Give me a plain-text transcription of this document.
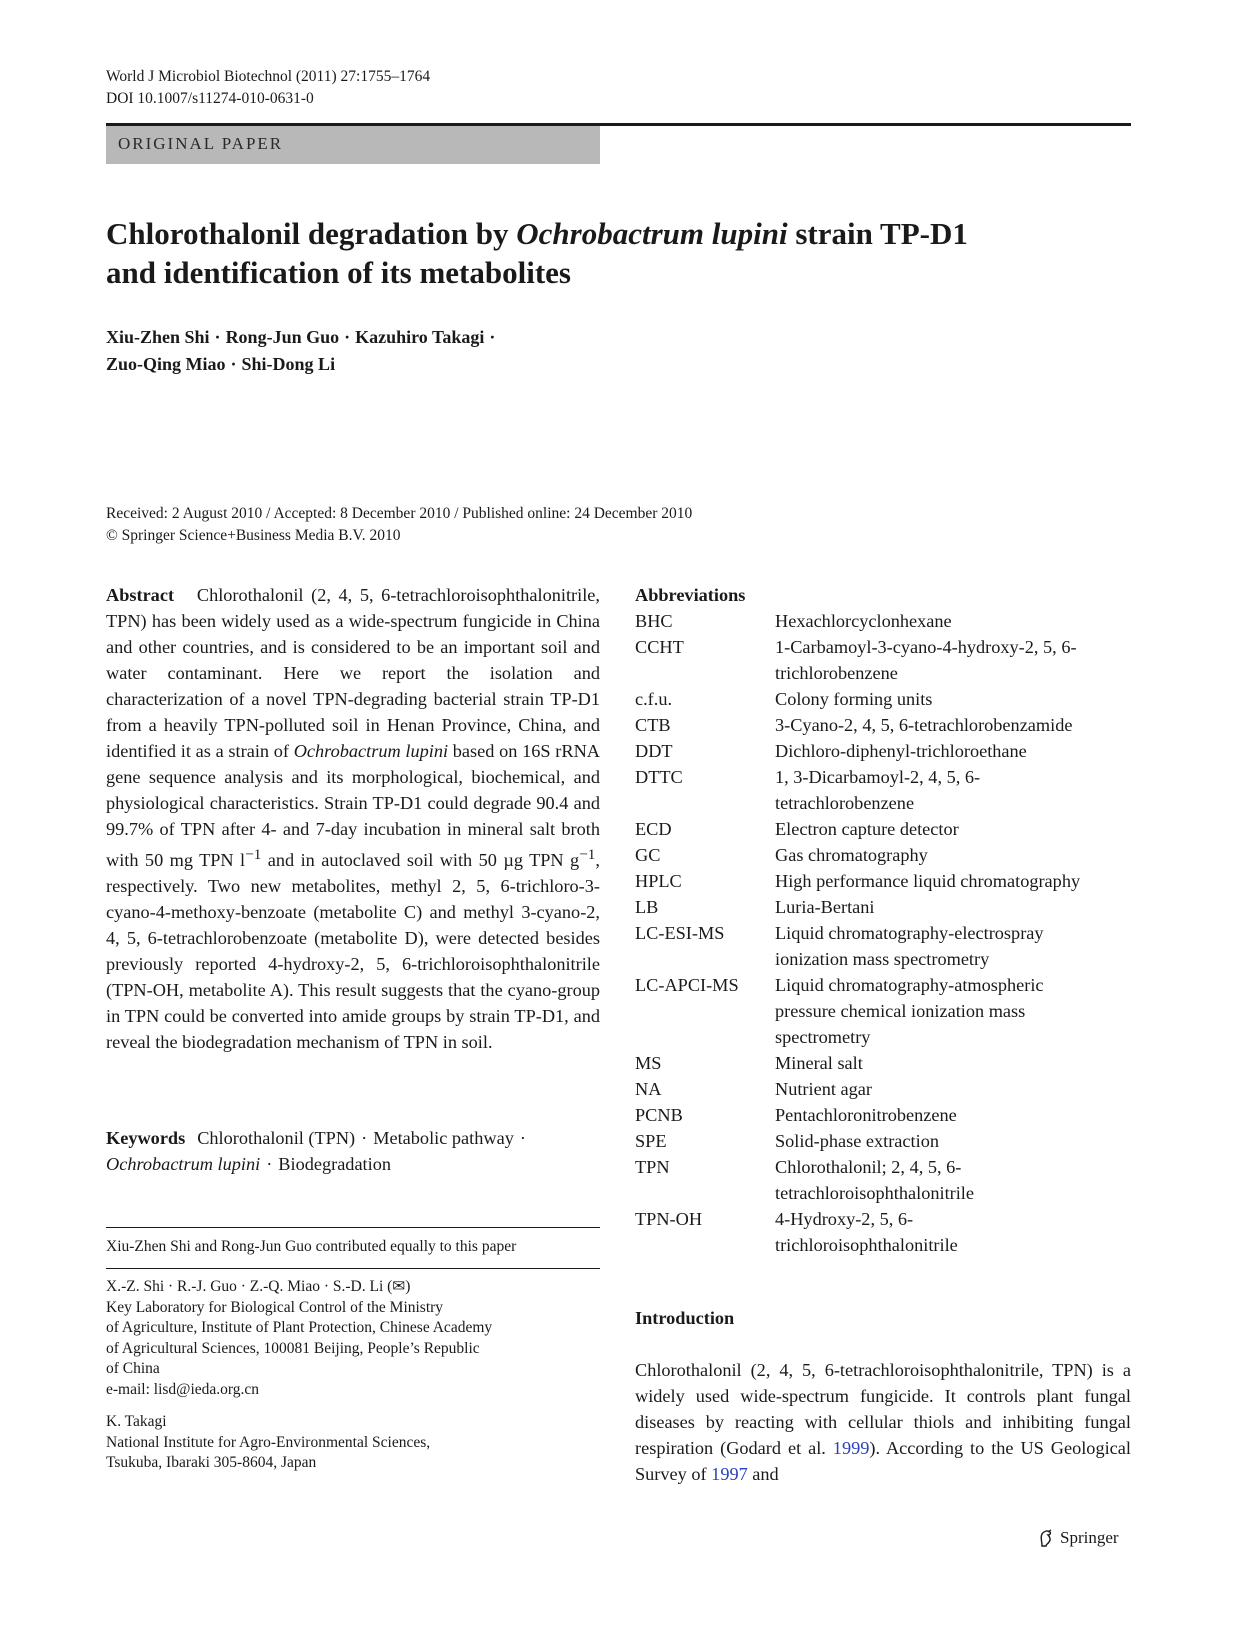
World J Microbiol Biotechnol (2011) 27:1755–1764
DOI 10.1007/s11274-010-0631-0
ORIGINAL PAPER
Chlorothalonil degradation by Ochrobactrum lupini strain TP-D1
and identification of its metabolites
Xiu-Zhen Shi · Rong-Jun Guo · Kazuhiro Takagi ·
Zuo-Qing Miao · Shi-Dong Li
Received: 2 August 2010 / Accepted: 8 December 2010 / Published online: 24 December 2010
© Springer Science+Business Media B.V. 2010

Abstract Chlorothalonil (2, 4, 5, 6-tetrachloroisophthalonitrile, TPN) has been widely used as a wide-spectrum fungicide in China and other countries, and is considered to be an important soil and water contaminant. Here we report the isolation and characterization of a novel TPN-degrading bacterial strain TP-D1 from a heavily TPN-polluted soil in Henan Province, China, and identified it as a strain of Ochrobactrum lupini based on 16S rRNA gene sequence analysis and its morphological, biochemical, and physiological characteristics. Strain TP-D1 could degrade 90.4 and 99.7% of TPN after 4- and 7-day incubation in mineral salt broth with 50 mg TPN $l^{-1}$ and in autoclaved soil with 50 µg TPN $g^{-1}$, respectively. Two new metabolites, methyl 2, 5, 6-trichloro-3-cyano-4-methoxy-benzoate (metabolite C) and methyl 3-cyano-2, 4, 5, 6-tetrachlorobenzoate (metabolite D), were detected besides previously reported 4-hydroxy-2, 5, 6-trichloroisophthalonitrile (TPN-OH, metabolite A). This result suggests that the cyano-group in TPN could be converted into amide groups by strain TP-D1, and reveal the biodegradation mechanism of TPN in soil.

Keywords Chlorothalonil (TPN) · Metabolic pathway ·
Ochrobactrum lupini · Biodegradation
Xiu-Zhen Shi and Rong-Jun Guo contributed equally to this paper

X.-Z. Shi · R.-J. Guo · Z.-Q. Miao · S.-D. Li (✉)
Key Laboratory for Biological Control of the Ministry
of Agriculture, Institute of Plant Protection, Chinese Academy
of Agricultural Sciences, 100081 Beijing, People’s Republic
of China
e-mail: lisd@ieda.org.cn

K. Takagi
National Institute for Agro-Environmental Sciences,
Tsukuba, Ibaraki 305-8604, Japan

Abbreviations
BHC	Hexachlorcyclonhexane
CCHT	1-Carbamoyl-3-cyano-4-hydroxy-2, 5, 6-trichlorobenzene
c.f.u.	Colony forming units
CTB	3-Cyano-2, 4, 5, 6-tetrachlorobenzamide
DDT	Dichloro-diphenyl-trichloroethane
DTTC	1, 3-Dicarbamoyl-2, 4, 5, 6-tetrachlorobenzene
ECD	Electron capture detector
GC	Gas chromatography
HPLC	High performance liquid chromatography
LB	Luria-Bertani
LC-ESI-MS	Liquid chromatography-electrospray ionization mass spectrometry
LC-APCI-MS	Liquid chromatography-atmospheric pressure chemical ionization mass spectrometry
MS	Mineral salt
NA	Nutrient agar
PCNB	Pentachloronitrobenzene
SPE	Solid-phase extraction
TPN	Chlorothalonil; 2, 4, 5, 6-tetrachloroisophthalonitrile
TPN-OH	4-Hydroxy-2, 5, 6-trichloroisophthalonitrile
Introduction

Chlorothalonil (2, 4, 5, 6-tetrachloroisophthalonitrile, TPN) is a widely used wide-spectrum fungicide. It controls plant fungal diseases by reacting with cellular thiols and inhibiting fungal respiration (Godard et al. 1999). According to the US Geological Survey of 1997 and

Springer
